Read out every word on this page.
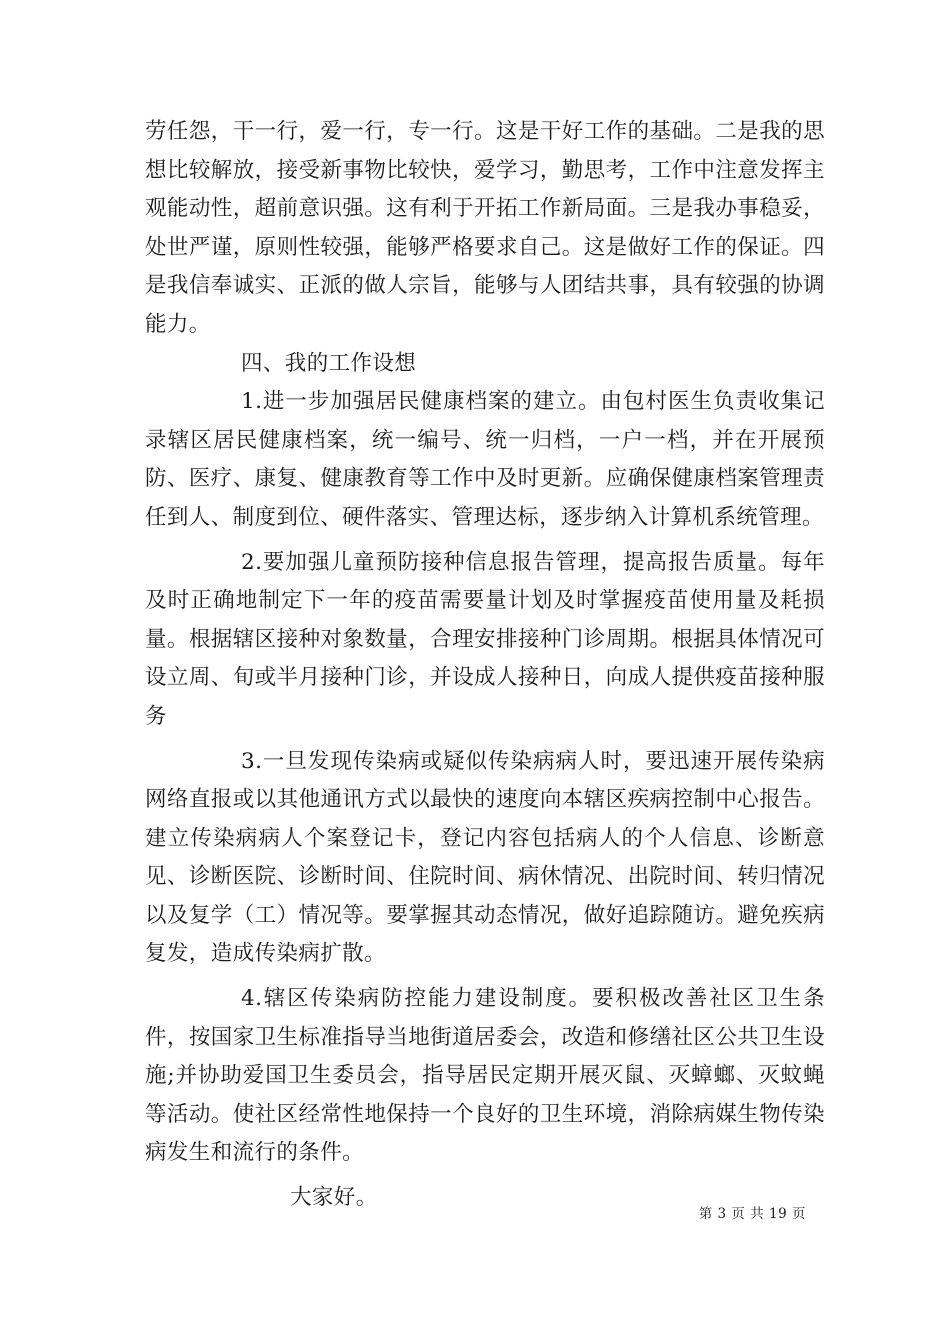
劳任怨，干一行，爱一行，专一行。这是干好工作的基础。二是我的思想比较解放，接受新事物比较快，爱学习，勤思考，工作中注意发挥主观能动性，超前意识强。这有利于开拓工作新局面。三是我办事稳妥，处世严谨，原则性较强，能够严格要求自己。这是做好工作的保证。四是我信奉诚实、正派的做人宗旨，能够与人团结共事，具有较强的协调能力。

四、我的工作设想

1.进一步加强居民健康档案的建立。由包村医生负责收集记录辖区居民健康档案，统一编号、统一归档，一户一档，并在开展预防、医疗、康复、健康教育等工作中及时更新。应确保健康档案管理责任到人、制度到位、硬件落实、管理达标，逐步纳入计算机系统管理。

2.要加强儿童预防接种信息报告管理，提高报告质量。每年及时正确地制定下一年的疫苗需要量计划及时掌握疫苗使用量及耗损量。根据辖区接种对象数量，合理安排接种门诊周期。根据具体情况可设立周、旬或半月接种门诊，并设成人接种日，向成人提供疫苗接种服务

3.一旦发现传染病或疑似传染病病人时，要迅速开展传染病网络直报或以其他通讯方式以最快的速度向本辖区疾病控制中心报告。建立传染病病人个案登记卡，登记内容包括病人的个人信息、诊断意见、诊断医院、诊断时间、住院时间、病休情况、出院时间、转归情况以及复学（工）情况等。要掌握其动态情况，做好追踪随访。避免疾病复发，造成传染病扩散。

4.辖区传染病防控能力建设制度。要积极改善社区卫生条件，按国家卫生标准指导当地街道居委会，改造和修缮社区公共卫生设施;并协助爱国卫生委员会，指导居民定期开展灭鼠、灭蟑螂、灭蚊蝇等活动。使社区经常性地保持一个良好的卫生环境，消除病媒生物传染病发生和流行的条件。

大家好。

第 3 页 共 19 页
